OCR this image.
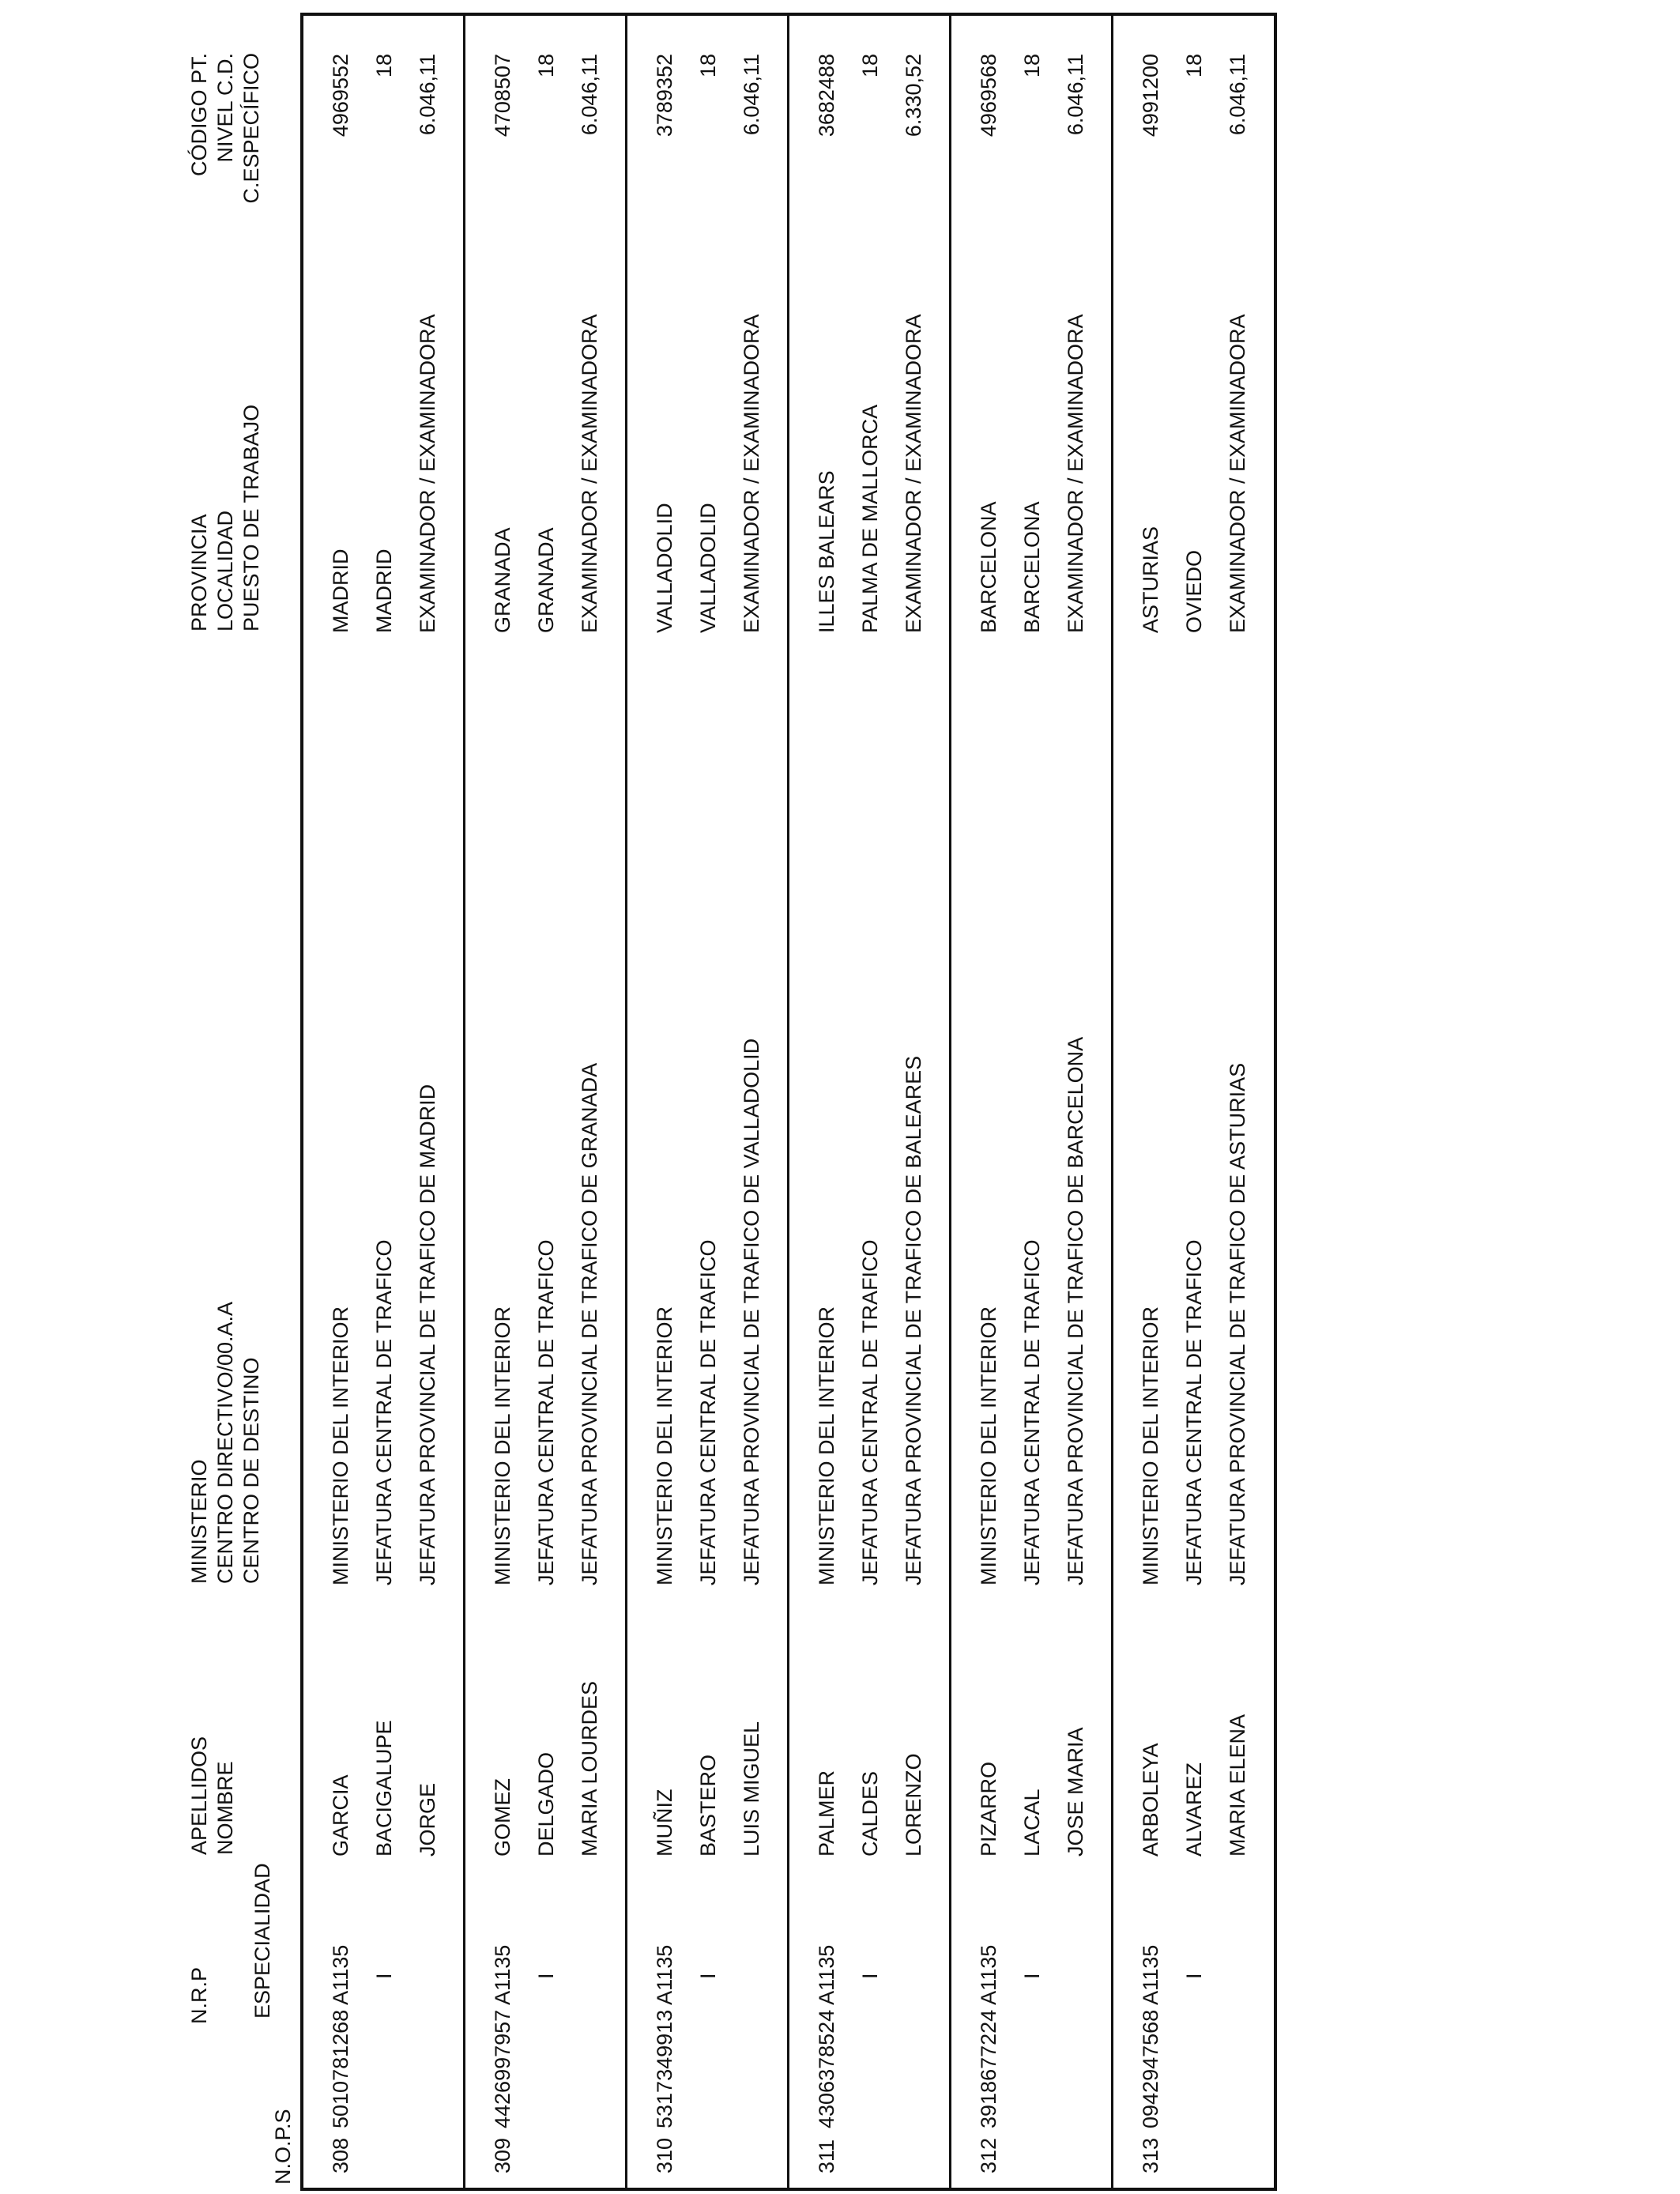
N.O.P.S
N.R.P ESPECIALIDAD
APELLIDOS NOMBRE
MINISTERIO CENTRO DIRECTIVO/00.A.A CENTRO DE DESTINO
PROVINCIA LOCALIDAD PUESTO DE TRABAJO
CÓDIGO PT. NIVEL C.D. C.ESPECÍFICO
308
5010781268 A1135 I
GARCIA BACIGALUPE JORGE
MINISTERIO DEL INTERIOR JEFATURA CENTRAL DE TRAFICO JEFATURA PROVINCIAL DE TRAFICO DE MADRID
MADRID MADRID EXAMINADOR / EXAMINADORA
4969552 18 6.046,11
309
4426997957 A1135 I
GOMEZ DELGADO MARIA LOURDES
MINISTERIO DEL INTERIOR JEFATURA CENTRAL DE TRAFICO JEFATURA PROVINCIAL DE TRAFICO DE GRANADA
GRANADA GRANADA EXAMINADOR / EXAMINADORA
4708507 18 6.046,11
310
5317349913 A1135 I
MUÑIZ BASTERO LUIS MIGUEL
MINISTERIO DEL INTERIOR JEFATURA CENTRAL DE TRAFICO JEFATURA PROVINCIAL DE TRAFICO DE VALLADOLID
VALLADOLID VALLADOLID EXAMINADOR / EXAMINADORA
3789352 18 6.046,11
311
4306378524 A1135 I
PALMER CALDES LORENZO
MINISTERIO DEL INTERIOR JEFATURA CENTRAL DE TRAFICO JEFATURA PROVINCIAL DE TRAFICO DE BALEARES
ILLES BALEARS PALMA DE MALLORCA EXAMINADOR / EXAMINADORA
3682488 18 6.330,52
312
3918677224 A1135 I
PIZARRO LACAL JOSE MARIA
MINISTERIO DEL INTERIOR JEFATURA CENTRAL DE TRAFICO JEFATURA PROVINCIAL DE TRAFICO DE BARCELONA
BARCELONA BARCELONA EXAMINADOR / EXAMINADORA
4969568 18 6.046,11
313
0942947568 A1135 I
ARBOLEYA ALVAREZ MARIA ELENA
MINISTERIO DEL INTERIOR JEFATURA CENTRAL DE TRAFICO JEFATURA PROVINCIAL DE TRAFICO DE ASTURIAS
ASTURIAS OVIEDO EXAMINADOR / EXAMINADORA
4991200 18 6.046,11
